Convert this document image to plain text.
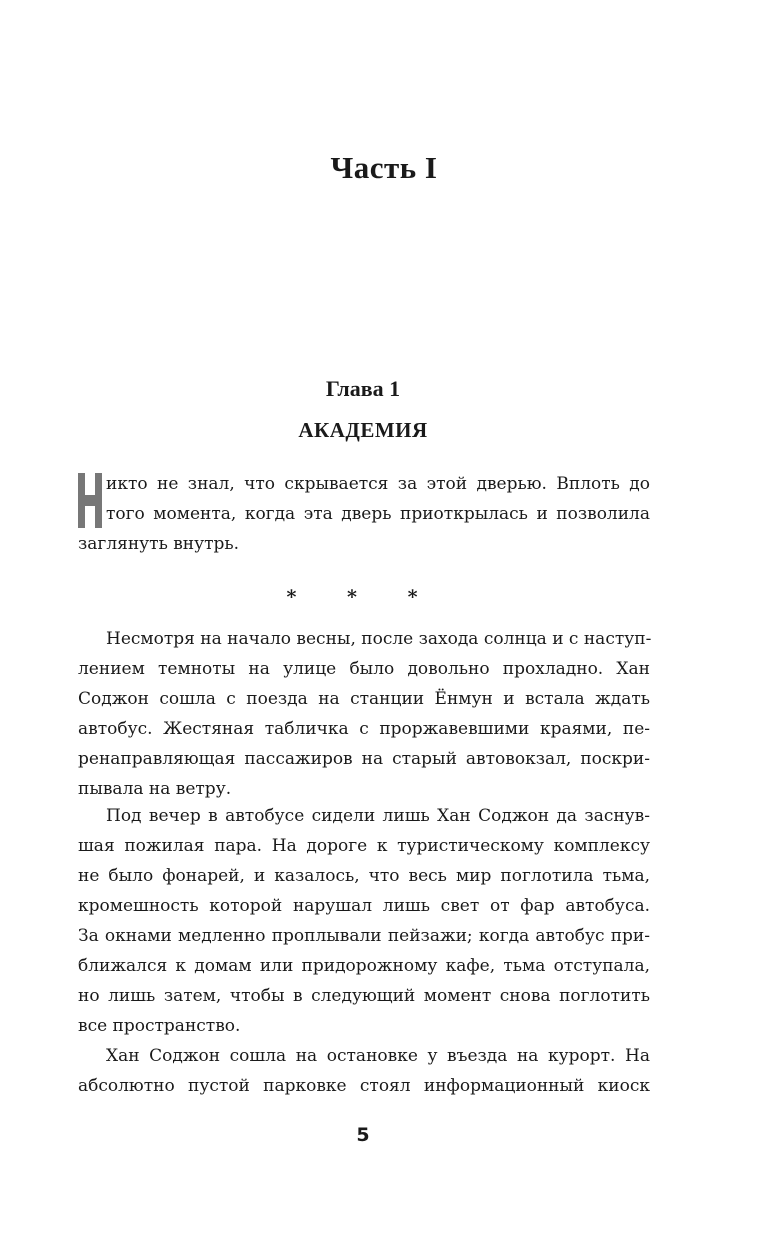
Часть I
Глава 1
АКАДЕМИЯ
икто не знал, что скрывается за этой дверью. Вплоть до
того момента, когда эта дверь приоткрылась и позволила
заглянуть внутрь.
* * *
Несмотря на начало весны, после захода солнца и с наступ-
лением темноты на улице было довольно прохладно. Хан
Соджон сошла с поезда на станции Ёнмун и встала ждать
автобус. Жестяная табличка с проржавевшими краями, пе-
ренаправляющая пассажиров на старый автовокзал, поскри-
пывала на ветру.
Под вечер в автобусе сидели лишь Хан Соджон да заснув-
шая пожилая пара. На дороге к туристическому комплексу
не было фонарей, и казалось, что весь мир поглотила тьма,
кромешность которой нарушал лишь свет от фар автобуса.
За окнами медленно проплывали пейзажи; когда автобус при-
ближался к домам или придорожному кафе, тьма отступала,
но лишь затем, чтобы в следующий момент снова поглотить
все пространство.
Хан Соджон сошла на остановке у въезда на курорт. На
абсолютно пустой парковке стоял информационный киоск
5
